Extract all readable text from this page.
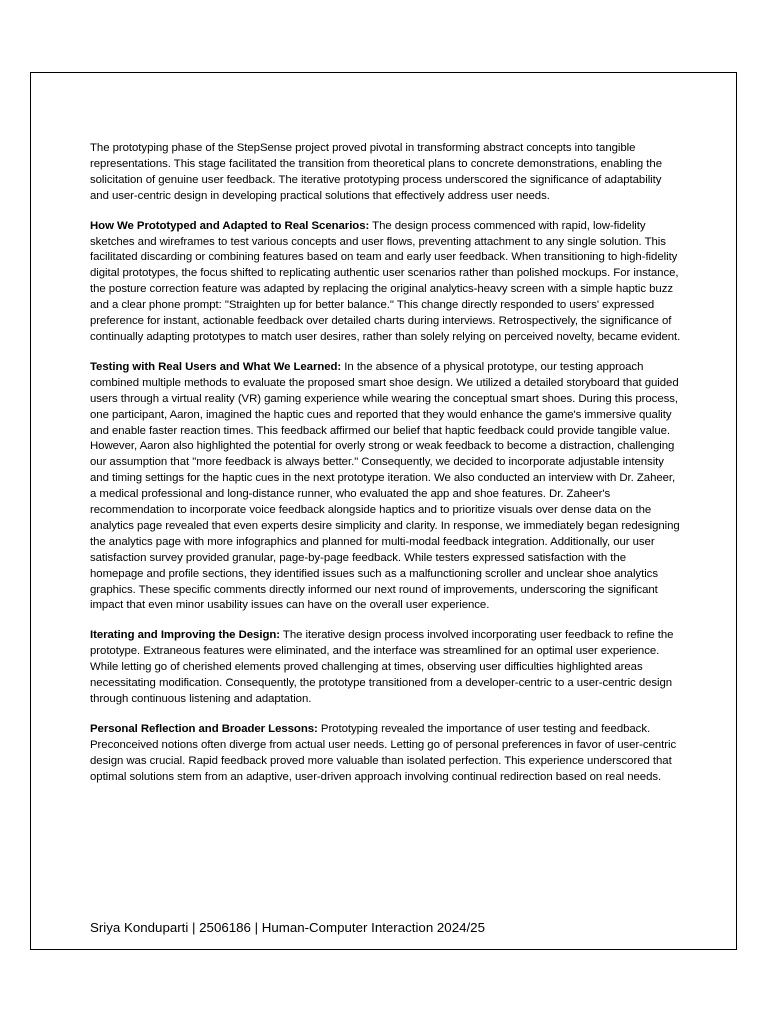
The prototyping phase of the StepSense project proved pivotal in transforming abstract concepts into tangible representations. This stage facilitated the transition from theoretical plans to concrete demonstrations, enabling the solicitation of genuine user feedback. The iterative prototyping process underscored the significance of adaptability and user-centric design in developing practical solutions that effectively address user needs.

How We Prototyped and Adapted to Real Scenarios: The design process commenced with rapid, low-fidelity sketches and wireframes to test various concepts and user flows, preventing attachment to any single solution. This facilitated discarding or combining features based on team and early user feedback. When transitioning to high-fidelity digital prototypes, the focus shifted to replicating authentic user scenarios rather than polished mockups. For instance, the posture correction feature was adapted by replacing the original analytics-heavy screen with a simple haptic buzz and a clear phone prompt: "Straighten up for better balance." This change directly responded to users' expressed preference for instant, actionable feedback over detailed charts during interviews. Retrospectively, the significance of continually adapting prototypes to match user desires, rather than solely relying on perceived novelty, became evident.

Testing with Real Users and What We Learned: In the absence of a physical prototype, our testing approach combined multiple methods to evaluate the proposed smart shoe design. We utilized a detailed storyboard that guided users through a virtual reality (VR) gaming experience while wearing the conceptual smart shoes. During this process, one participant, Aaron, imagined the haptic cues and reported that they would enhance the game's immersive quality and enable faster reaction times. This feedback affirmed our belief that haptic feedback could provide tangible value. However, Aaron also highlighted the potential for overly strong or weak feedback to become a distraction, challenging our assumption that "more feedback is always better." Consequently, we decided to incorporate adjustable intensity and timing settings for the haptic cues in the next prototype iteration. We also conducted an interview with Dr. Zaheer, a medical professional and long-distance runner, who evaluated the app and shoe features. Dr. Zaheer's recommendation to incorporate voice feedback alongside haptics and to prioritize visuals over dense data on the analytics page revealed that even experts desire simplicity and clarity. In response, we immediately began redesigning the analytics page with more infographics and planned for multi-modal feedback integration. Additionally, our user satisfaction survey provided granular, page-by-page feedback. While testers expressed satisfaction with the homepage and profile sections, they identified issues such as a malfunctioning scroller and unclear shoe analytics graphics. These specific comments directly informed our next round of improvements, underscoring the significant impact that even minor usability issues can have on the overall user experience.

Iterating and Improving the Design: The iterative design process involved incorporating user feedback to refine the prototype. Extraneous features were eliminated, and the interface was streamlined for an optimal user experience. While letting go of cherished elements proved challenging at times, observing user difficulties highlighted areas necessitating modification. Consequently, the prototype transitioned from a developer-centric to a user-centric design through continuous listening and adaptation.

Personal Reflection and Broader Lessons: Prototyping revealed the importance of user testing and feedback. Preconceived notions often diverge from actual user needs. Letting go of personal preferences in favor of user-centric design was crucial. Rapid feedback proved more valuable than isolated perfection. This experience underscored that optimal solutions stem from an adaptive, user-driven approach involving continual redirection based on real needs.

Sriya Konduparti | 2506186 | Human-Computer Interaction 2024/25
